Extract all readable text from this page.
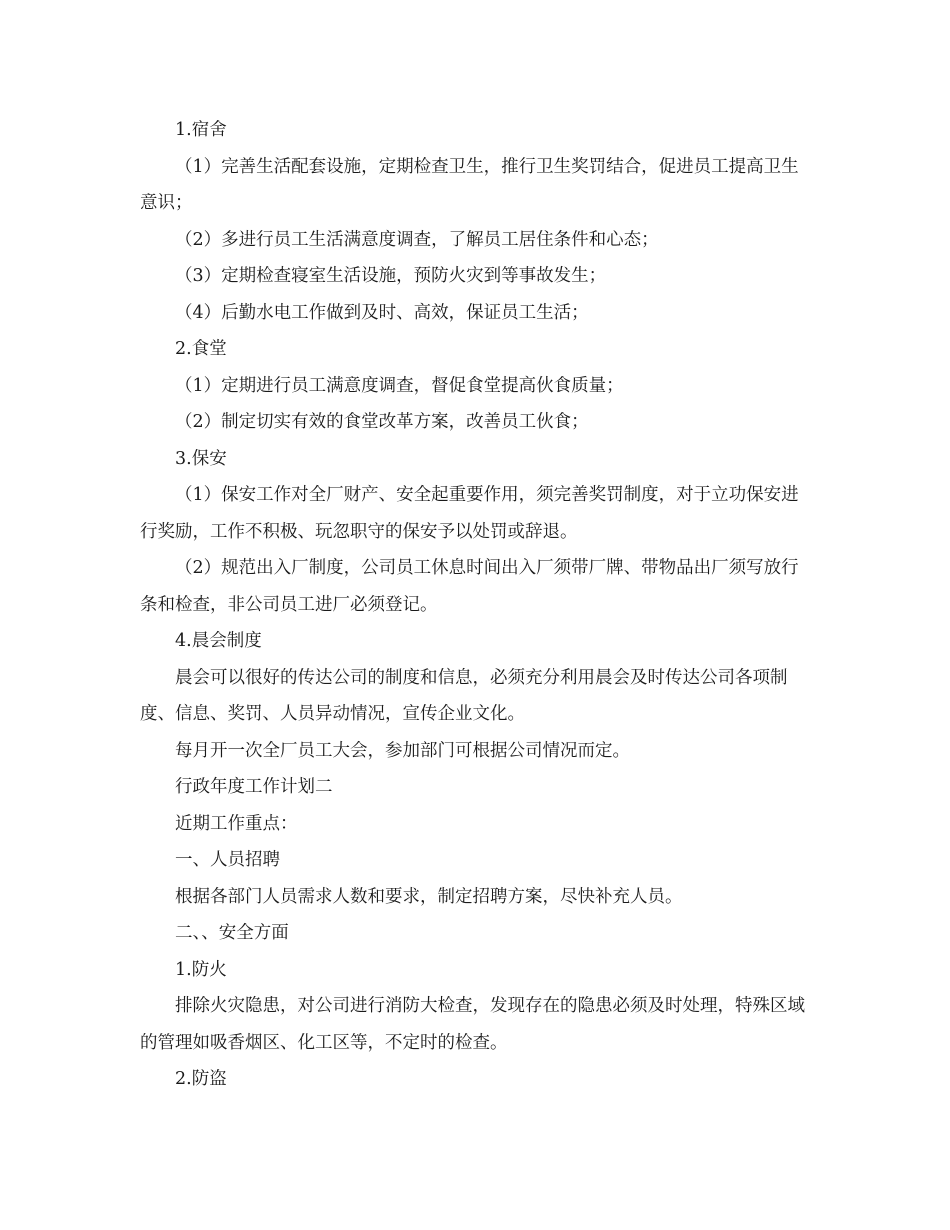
1.宿舍

（1）完善生活配套设施，定期检查卫生，推行卫生奖罚结合，促进员工提高卫生意识；

（2）多进行员工生活满意度调查，了解员工居住条件和心态；

（3）定期检查寝室生活设施，预防火灾到等事故发生；

（4）后勤水电工作做到及时、高效，保证员工生活；

2.食堂

（1）定期进行员工满意度调查，督促食堂提高伙食质量；

（2）制定切实有效的食堂改革方案，改善员工伙食；

3.保安

（1）保安工作对全厂财产、安全起重要作用，须完善奖罚制度，对于立功保安进行奖励，工作不积极、玩忽职守的保安予以处罚或辞退。

（2）规范出入厂制度，公司员工休息时间出入厂须带厂牌、带物品出厂须写放行条和检查，非公司员工进厂必须登记。

4.晨会制度

晨会可以很好的传达公司的制度和信息，必须充分利用晨会及时传达公司各项制度、信息、奖罚、人员异动情况，宣传企业文化。

每月开一次全厂员工大会，参加部门可根据公司情况而定。

行政年度工作计划二

近期工作重点：

一、人员招聘

根据各部门人员需求人数和要求，制定招聘方案，尽快补充人员。

二、、安全方面

1.防火

排除火灾隐患，对公司进行消防大检查，发现存在的隐患必须及时处理，特殊区域的管理如吸香烟区、化工区等，不定时的检查。

2.防盗
